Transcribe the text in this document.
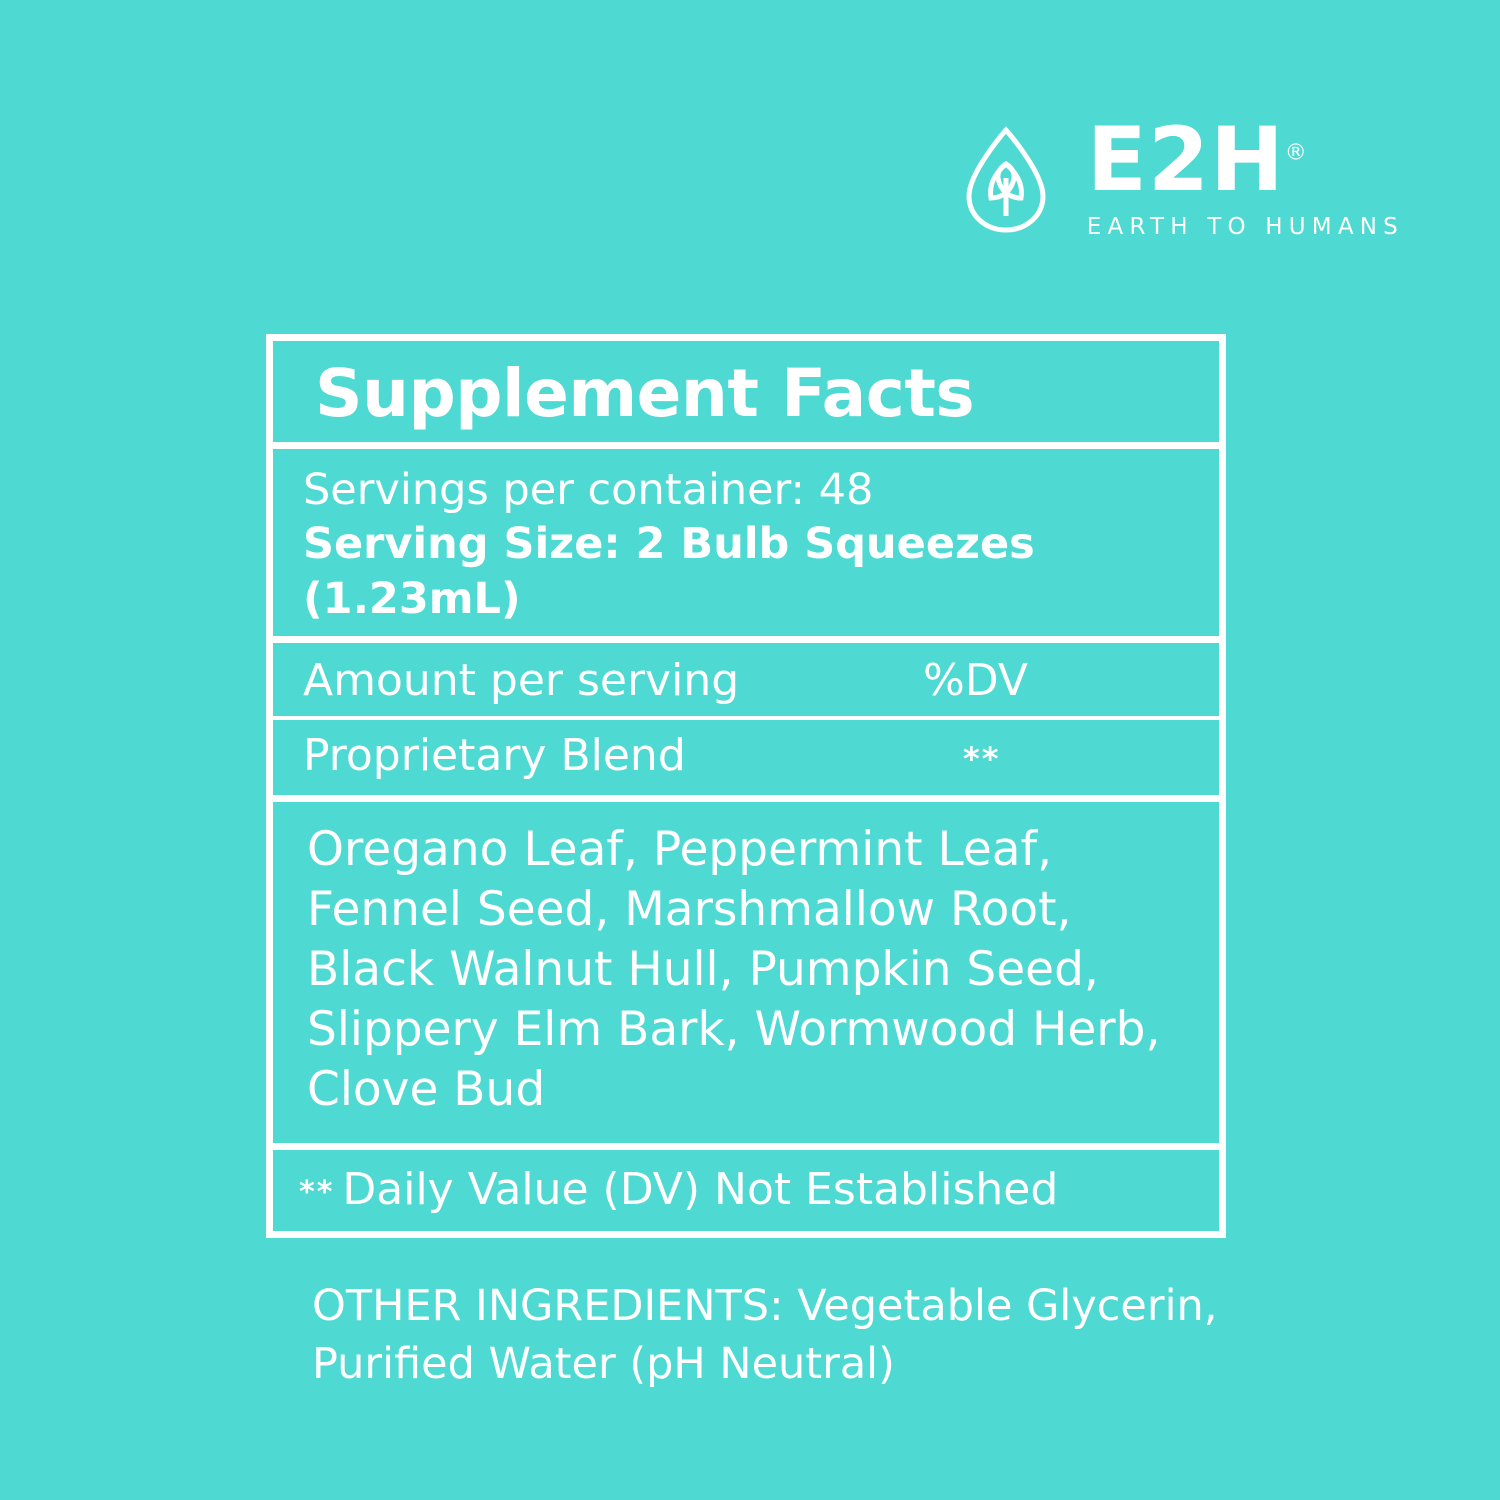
E2H®
EARTH TO HUMANS
Supplement Facts
Servings per container: 48
Serving Size: 2 Bulb Squeezes (1.23mL)
Amount per serving	%DV
Proprietary Blend	**
Oregano Leaf, Peppermint Leaf, Fennel Seed, Marshmallow Root, Black Walnut Hull, Pumpkin Seed, Slippery Elm Bark, Wormwood Herb, Clove Bud
** Daily Value (DV) Not Established
OTHER INGREDIENTS: Vegetable Glycerin, Purified Water (pH Neutral)
